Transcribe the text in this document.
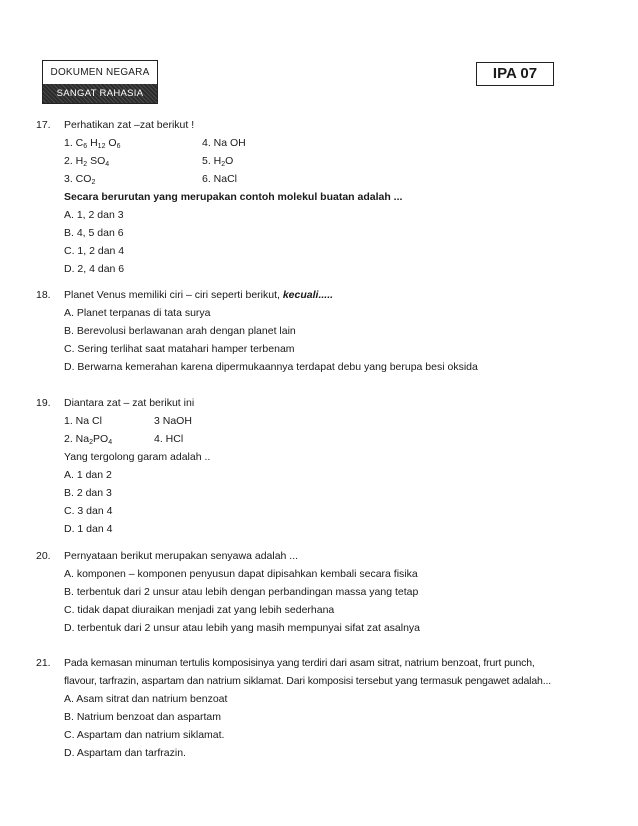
DOKUMEN NEGARA
SANGAT RAHASIA
IPA 07
17. Perhatikan zat –zat berikut !
1. $C_6$ $H_{12}$ $O_6$	4. Na OH
2. $H_2$ $SO_4$	5. $H_2O$
3. $CO_2$	6. NaCl
Secara berurutan yang merupakan contoh molekul buatan adalah ...
A. 1, 2 dan 3
B. 4, 5 dan 6
C. 1, 2 dan 4
D. 2, 4 dan 6
18. Planet Venus memiliki ciri – ciri seperti berikut, kecuali.....
A. Planet terpanas di tata surya
B. Berevolusi berlawanan arah dengan planet lain
C. Sering terlihat saat matahari hamper terbenam
D. Berwarna kemerahan karena dipermukaannya terdapat debu yang berupa besi oksida
19. Diantara zat – zat berikut ini
1. Na Cl	3 NaOH
2. $Na_2PO_4$	4. HCl
Yang tergolong garam adalah ..
A. 1 dan 2
B. 2 dan 3
C. 3 dan 4
D. 1 dan 4
20. Pernyataan berikut merupakan senyawa adalah ...
A. komponen – komponen penyusun dapat dipisahkan kembali secara fisika
B. terbentuk dari 2 unsur atau lebih dengan perbandingan massa yang tetap
C. tidak dapat diuraikan menjadi zat yang lebih sederhana
D. terbentuk dari 2 unsur atau lebih yang masih mempunyai sifat zat asalnya
21. Pada kemasan minuman tertulis komposisinya yang terdiri dari asam sitrat, natrium benzoat, frurt punch,
flavour, tarfrazin, aspartam dan natrium siklamat. Dari komposisi tersebut yang termasuk pengawet adalah...
A. Asam sitrat dan natrium benzoat
B. Natrium benzoat dan aspartam
C. Aspartam dan natrium siklamat.
D. Aspartam dan tarfrazin.
